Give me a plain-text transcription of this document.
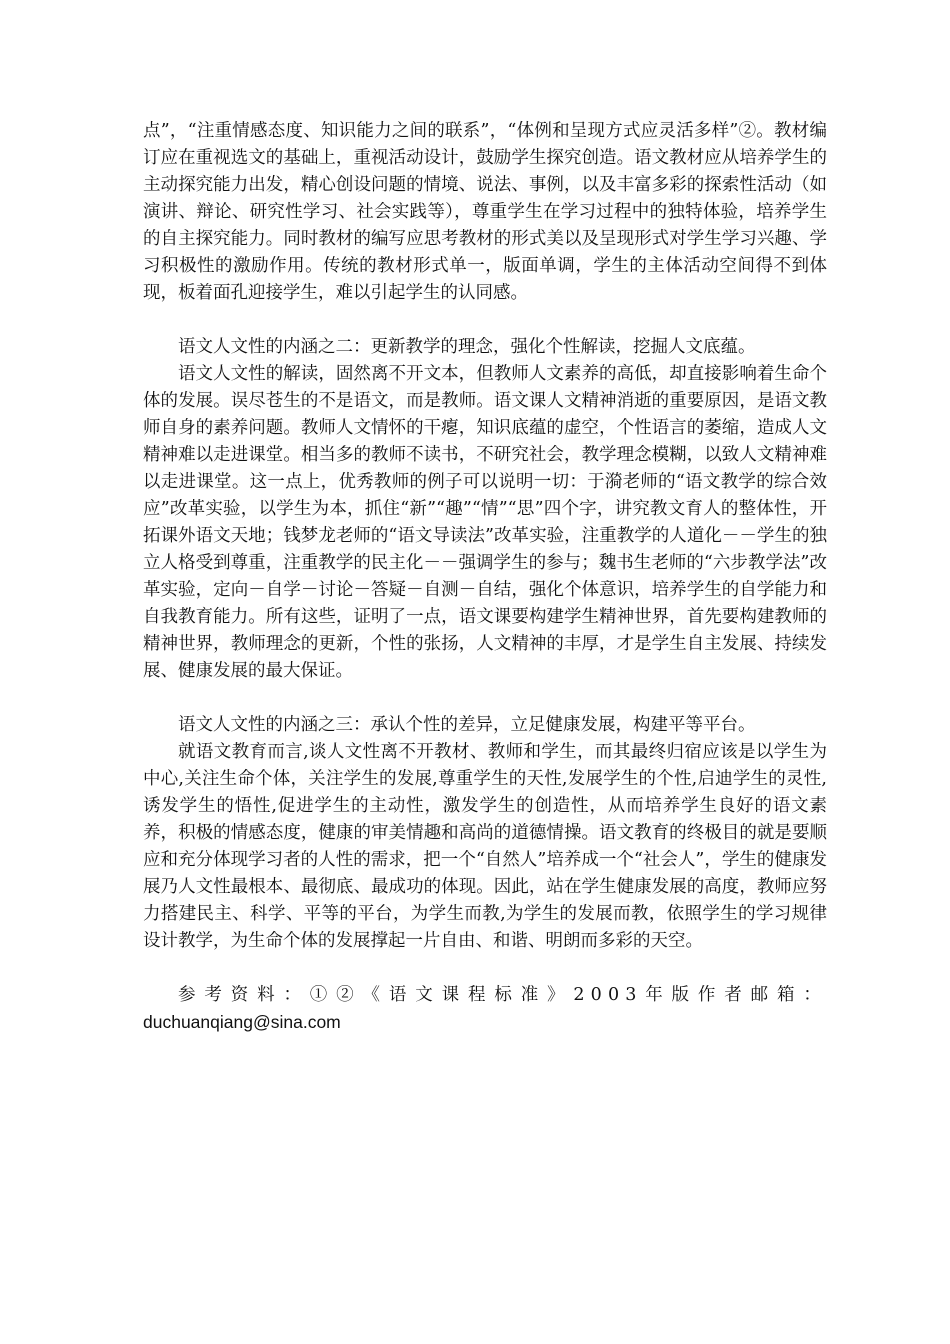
点”，“注重情感态度、知识能力之间的联系”，“体例和呈现方式应灵活多样”②。教材编订应在重视选文的基础上，重视活动设计，鼓励学生探究创造。语文教材应从培养学生的主动探究能力出发，精心创设问题的情境、说法、事例，以及丰富多彩的探索性活动（如演讲、辩论、研究性学习、社会实践等），尊重学生在学习过程中的独特体验，培养学生的自主探究能力。同时教材的编写应思考教材的形式美以及呈现形式对学生学习兴趣、学习积极性的激励作用。传统的教材形式单一，版面单调，学生的主体活动空间得不到体现，板着面孔迎接学生，难以引起学生的认同感。

语文人文性的内涵之二：更新教学的理念，强化个性解读，挖掘人文底蕴。

语文人文性的解读，固然离不开文本，但教师人文素养的高低，却直接影响着生命个体的发展。误尽苍生的不是语文，而是教师。语文课人文精神消逝的重要原因，是语文教师自身的素养问题。教师人文情怀的干瘪，知识底蕴的虚空，个性语言的萎缩，造成人文精神难以走进课堂。相当多的教师不读书，不研究社会，教学理念模糊，以致人文精神难以走进课堂。这一点上，优秀教师的例子可以说明一切：于漪老师的“语文教学的综合效应”改革实验，以学生为本，抓住“新”“趣”“情”“思”四个字，讲究教文育人的整体性，开拓课外语文天地；钱梦龙老师的“语文导读法”改革实验，注重教学的人道化－－学生的独立人格受到尊重，注重教学的民主化－－强调学生的参与；魏书生老师的“六步教学法”改革实验，定向－自学－讨论－答疑－自测－自结，强化个体意识，培养学生的自学能力和自我教育能力。所有这些，证明了一点，语文课要构建学生精神世界，首先要构建教师的精神世界，教师理念的更新，个性的张扬，人文精神的丰厚，才是学生自主发展、持续发展、健康发展的最大保证。

语文人文性的内涵之三：承认个性的差异，立足健康发展，构建平等平台。

就语文教育而言,谈人文性离不开教材、教师和学生，而其最终归宿应该是以学生为中心,关注生命个体，关注学生的发展,尊重学生的天性,发展学生的个性,启迪学生的灵性,诱发学生的悟性,促进学生的主动性，激发学生的创造性，从而培养学生良好的语文素养，积极的情感态度，健康的审美情趣和高尚的道德情操。语文教育的终极目的就是要顺应和充分体现学习者的人性的需求，把一个“自然人”培养成一个“社会人”，学生的健康发展乃人文性最根本、最彻底、最成功的体现。因此，站在学生健康发展的高度，教师应努力搭建民主、科学、平等的平台，为学生而教,为学生的发展而教，依照学生的学习规律设计教学，为生命个体的发展撑起一片自由、和谐、明朗而多彩的天空。

参考资料：①②《语文课程标准》2003年版作者邮箱：duchuanqiang@sina.com
